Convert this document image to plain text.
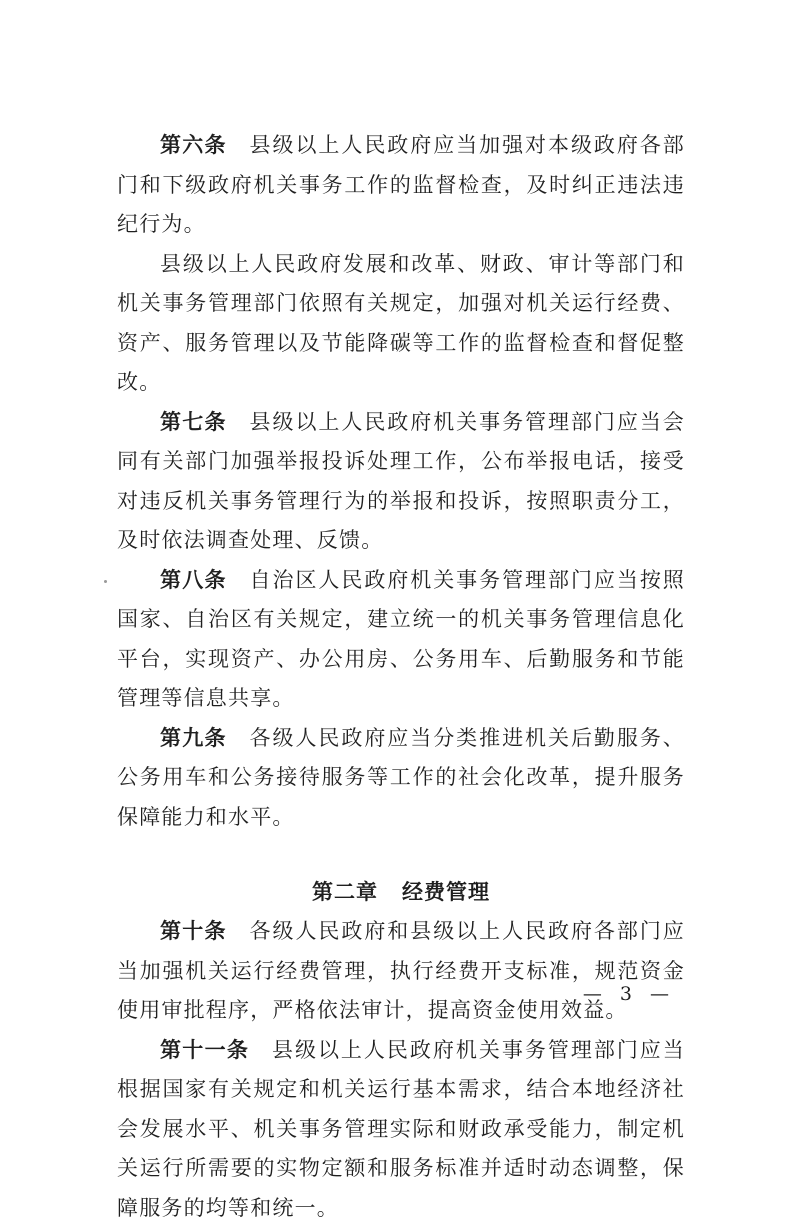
第六条 县级以上人民政府应当加强对本级政府各部门和下级政府机关事务工作的监督检查，及时纠正违法违纪行为。

县级以上人民政府发展和改革、财政、审计等部门和机关事务管理部门依照有关规定，加强对机关运行经费、资产、服务管理以及节能降碳等工作的监督检查和督促整改。

第七条 县级以上人民政府机关事务管理部门应当会同有关部门加强举报投诉处理工作，公布举报电话，接受对违反机关事务管理行为的举报和投诉，按照职责分工，及时依法调查处理、反馈。

第八条 自治区人民政府机关事务管理部门应当按照国家、自治区有关规定，建立统一的机关事务管理信息化平台，实现资产、办公用房、公务用车、后勤服务和节能管理等信息共享。

第九条 各级人民政府应当分类推进机关后勤服务、公务用车和公务接待服务等工作的社会化改革，提升服务保障能力和水平。

第二章 经费管理

第十条 各级人民政府和县级以上人民政府各部门应当加强机关运行经费管理，执行经费开支标准，规范资金使用审批程序，严格依法审计，提高资金使用效益。

第十一条 县级以上人民政府机关事务管理部门应当根据国家有关规定和机关运行基本需求，结合本地经济社会发展水平、机关事务管理实际和财政承受能力，制定机关运行所需要的实物定额和服务标准并适时动态调整，保障服务的均等和统一。

— 3 —
